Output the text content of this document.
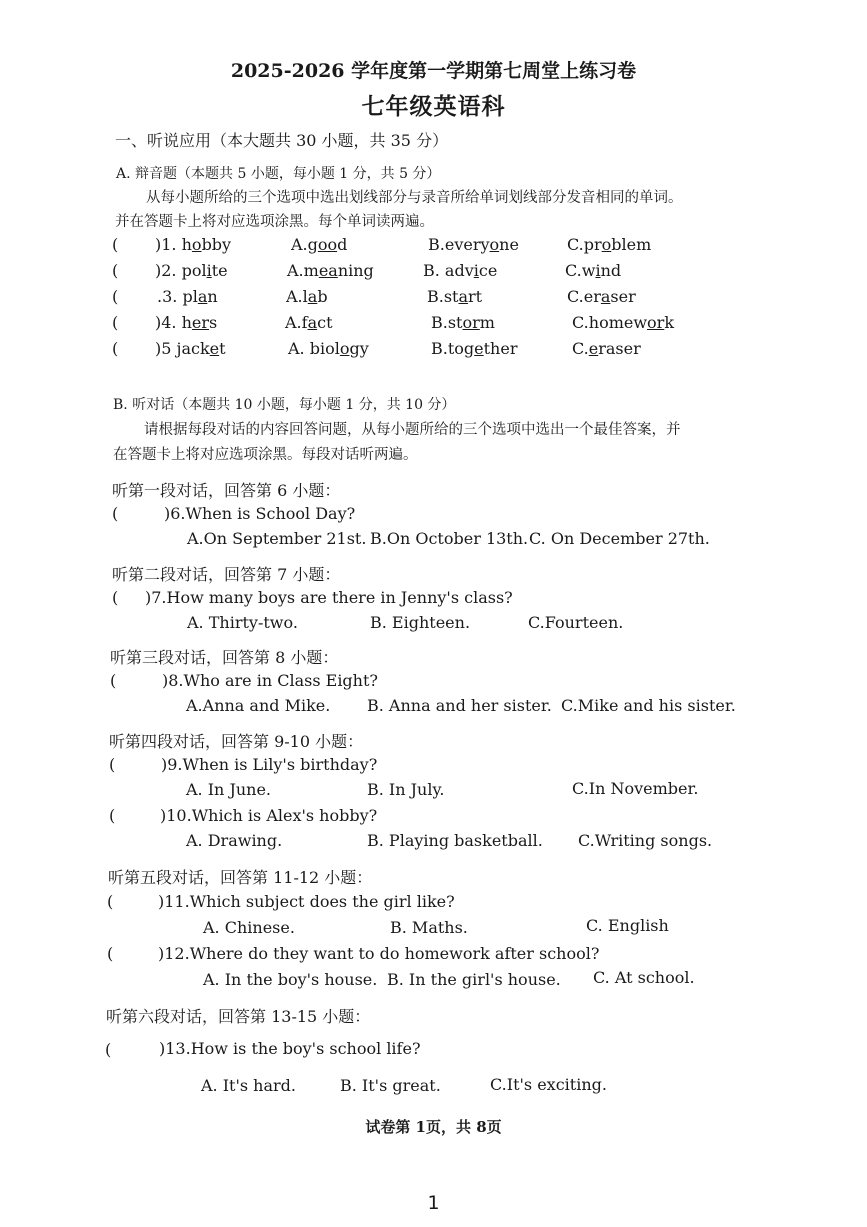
2025-2026 学年度第一学期第七周堂上练习卷
七年级英语科
一、听说应用（本大题共 30 小题，共 35 分）
A. 辩音题（本题共 5 小题，每小题 1 分，共 5 分）
从每小题所给的三个选项中选出划线部分与录音所给单词划线部分发音相同的单词。
并在答题卡上将对应选项涂黑。每个单词读两遍。
( )1. hobby	A.good	B.everyone	C.problem
( )2. polite	A.meaning	B. advice	C.wind
( .3. plan	A.lab	B.start	C.eraser
( )4. hers	A.fact	B.storm	C.homework
( )5 jacket	A. biology	B.together	C.eraser
B. 听对话（本题共 10 小题，每小题 1 分，共 10 分）
请根据每段对话的内容回答问题，从每小题所给的三个选项中选出一个最佳答案，并
在答题卡上将对应选项涂黑。每段对话听两遍。
听第一段对话，回答第 6 小题：
(	)6.When is School Day?
A.On September 21st. B.On October 13th. C. On December 27th.
听第二段对话，回答第 7 小题：
( )7.How many boys are there in Jenny's class?
A. Thirty-two.	B. Eighteen.	C.Fourteen.
听第三段对话，回答第 8 小题：
(	)8.Who are in Class Eight?
A.Anna and Mike. B. Anna and her sister. C.Mike and his sister.
听第四段对话，回答第 9-10 小题：
(	)9.When is Lily's birthday?
A. In June.	B. In July.	C.In November.
(	)10.Which is Alex's hobby?
A. Drawing.	B. Playing basketball. C.Writing songs.
听第五段对话，回答第 11-12 小题：
(	)11.Which subject does the girl like?
A. Chinese.	B. Maths.	C. English
(	)12.Where do they want to do homework after school?
A. In the boy's house. B. In the girl's house. C. At school.
听第六段对话，回答第 13-15 小题：
(	)13.How is the boy's school life?
A. It's hard.	B. It's great.	C.It's exciting.
试卷第 1页，共 8页
1
